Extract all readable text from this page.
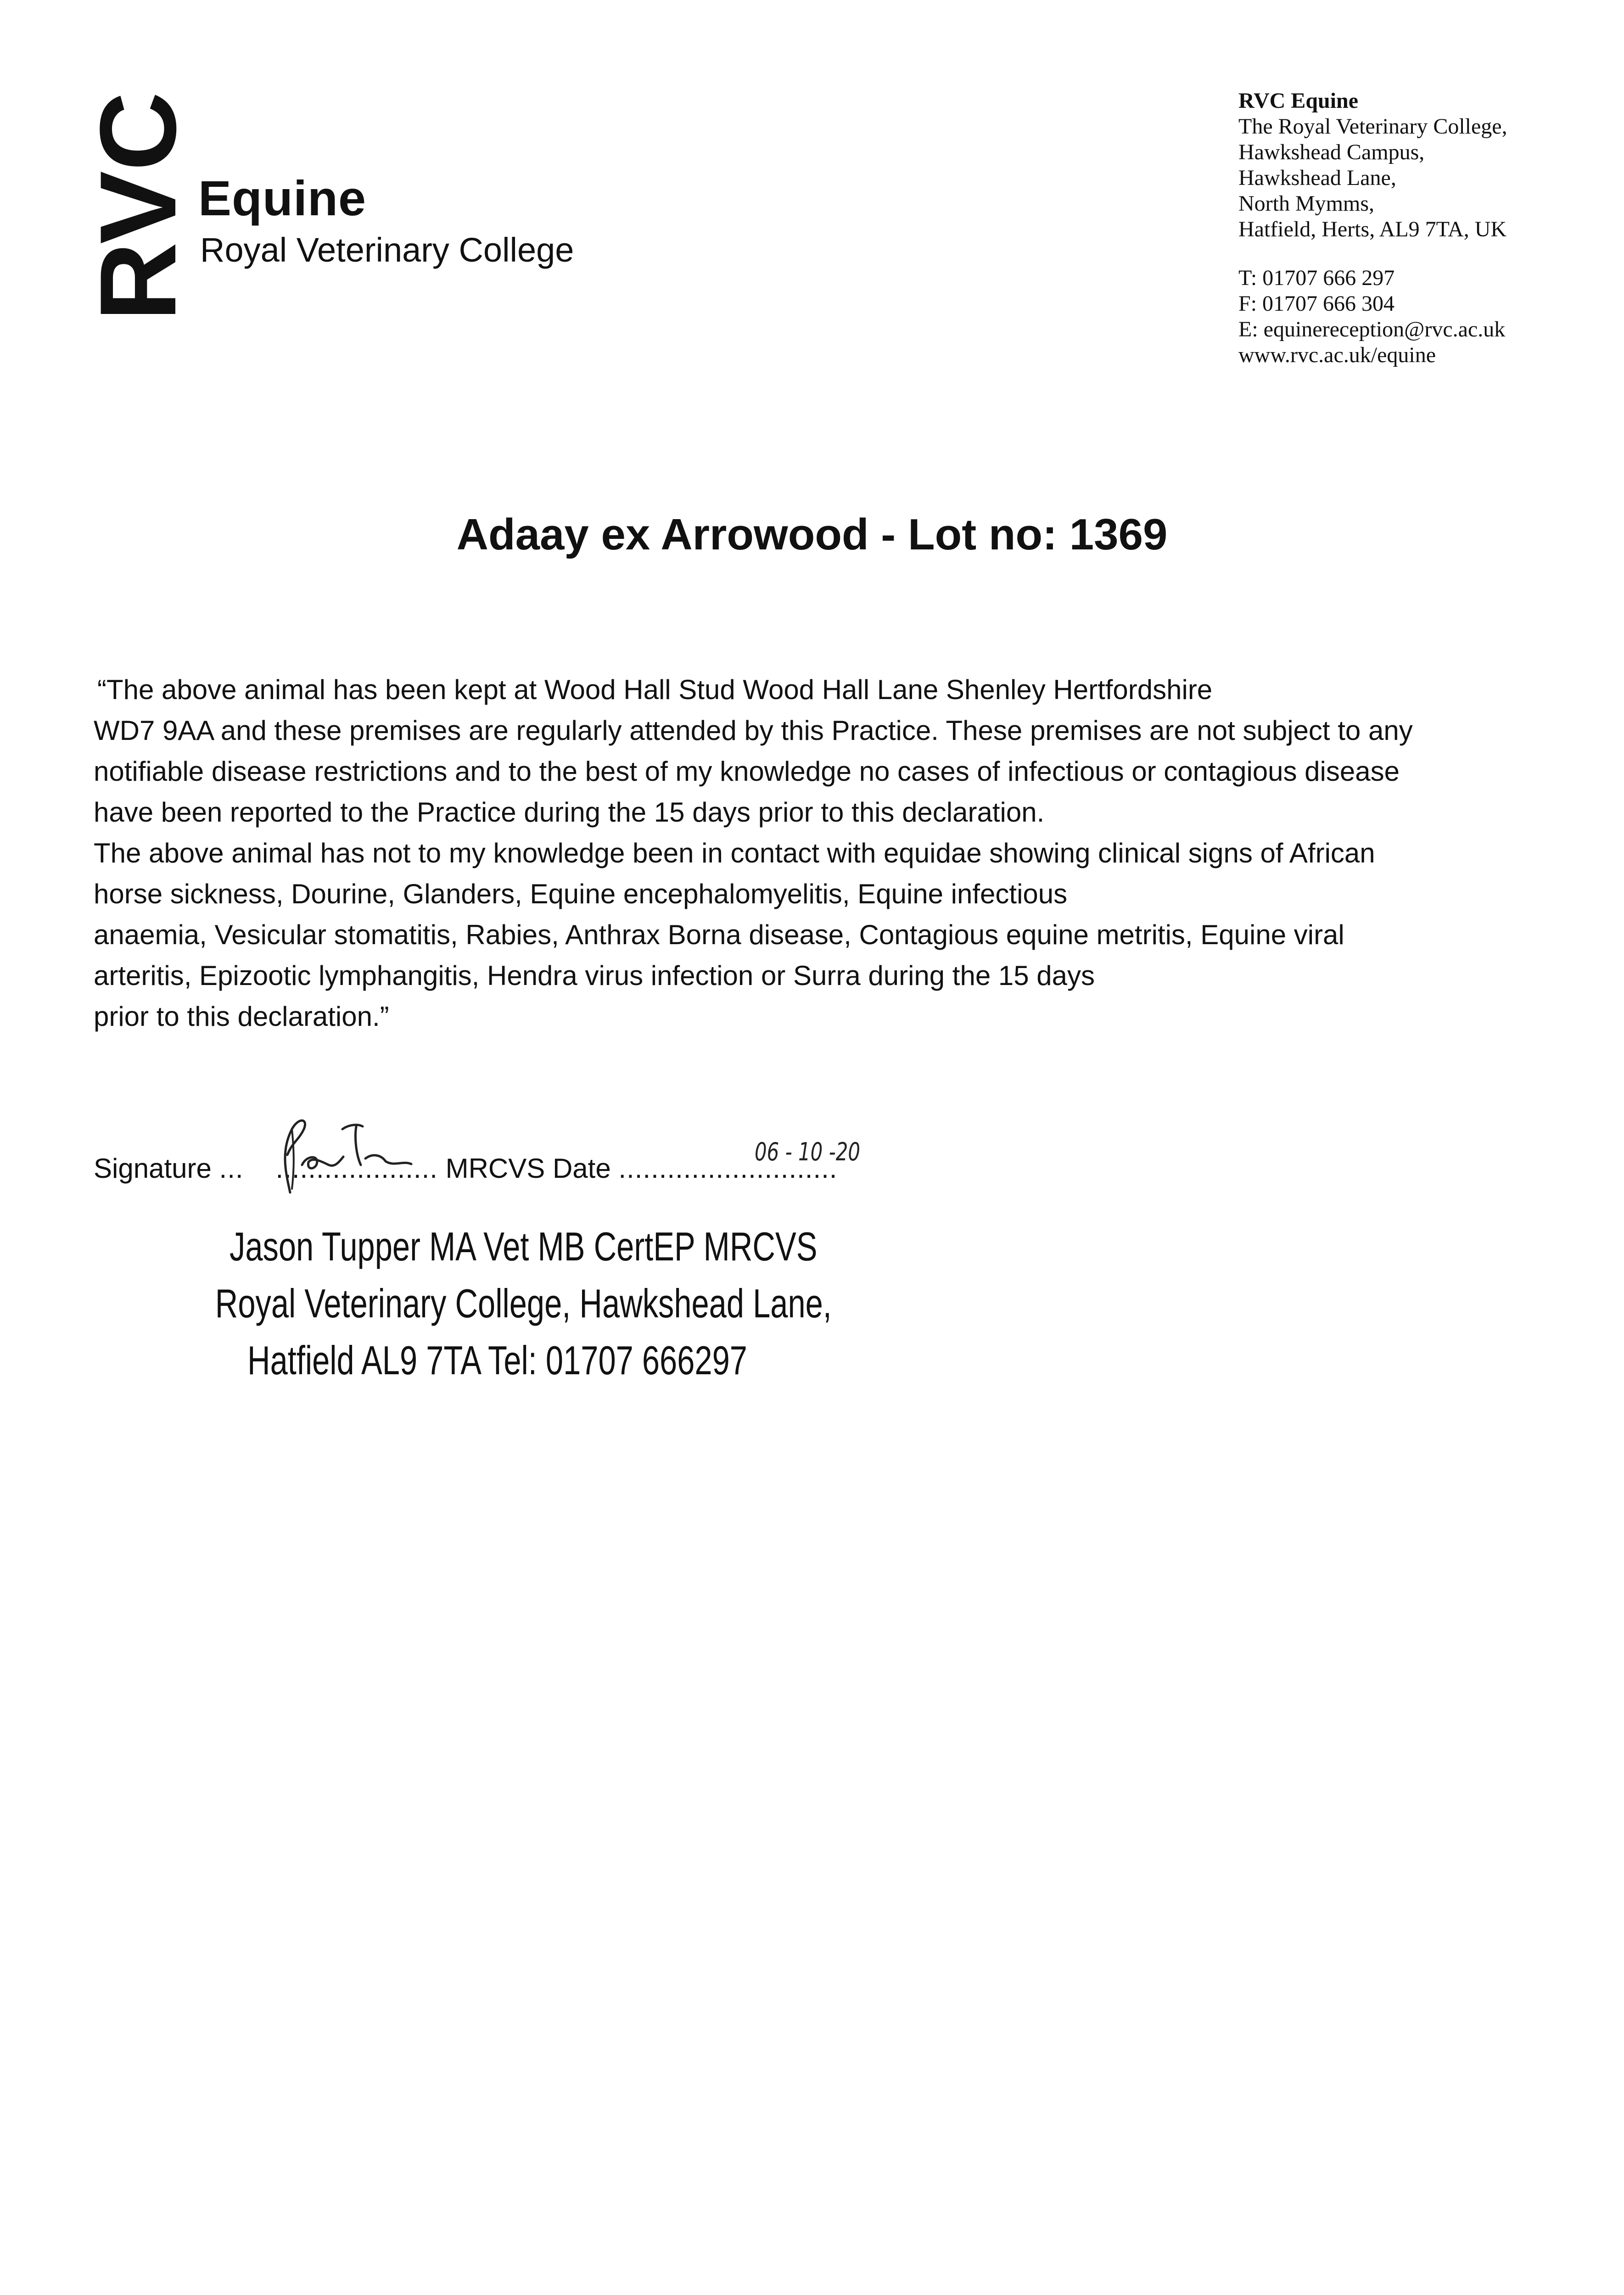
RVC Equine
Royal Veterinary College
RVC Equine
The Royal Veterinary College,
Hawkshead Campus,
Hawkshead Lane,
North Mymms,
Hatfield, Herts, AL9 7TA, UK
T: 01707 666 297
F: 01707 666 304
E: equinereception@rvc.ac.uk
www.rvc.ac.uk/equine
Adaay ex Arrowood - Lot no: 1369
“The above animal has been kept at Wood Hall Stud Wood Hall Lane Shenley Hertfordshire
WD7 9AA and these premises are regularly attended by this Practice. These premises are not subject to any
notifiable disease restrictions and to the best of my knowledge no cases of infectious or contagious disease
have been reported to the Practice during the 15 days prior to this declaration.
The above animal has not to my knowledge been in contact with equidae showing clinical signs of African
horse sickness, Dourine, Glanders, Equine encephalomyelitis, Equine infectious
anaemia, Vesicular stomatitis, Rabies, Anthrax Borna disease, Contagious equine metritis, Equine viral
arteritis, Epizootic lymphangitis, Hendra virus infection or Surra during the 15 days
prior to this declaration.”
Signature ... .................... MRCVS Date ...........................
06 - 10 -20
Jason Tupper MA Vet MB CertEP MRCVS
Royal Veterinary College, Hawkshead Lane,
Hatfield AL9 7TA Tel: 01707 666297
